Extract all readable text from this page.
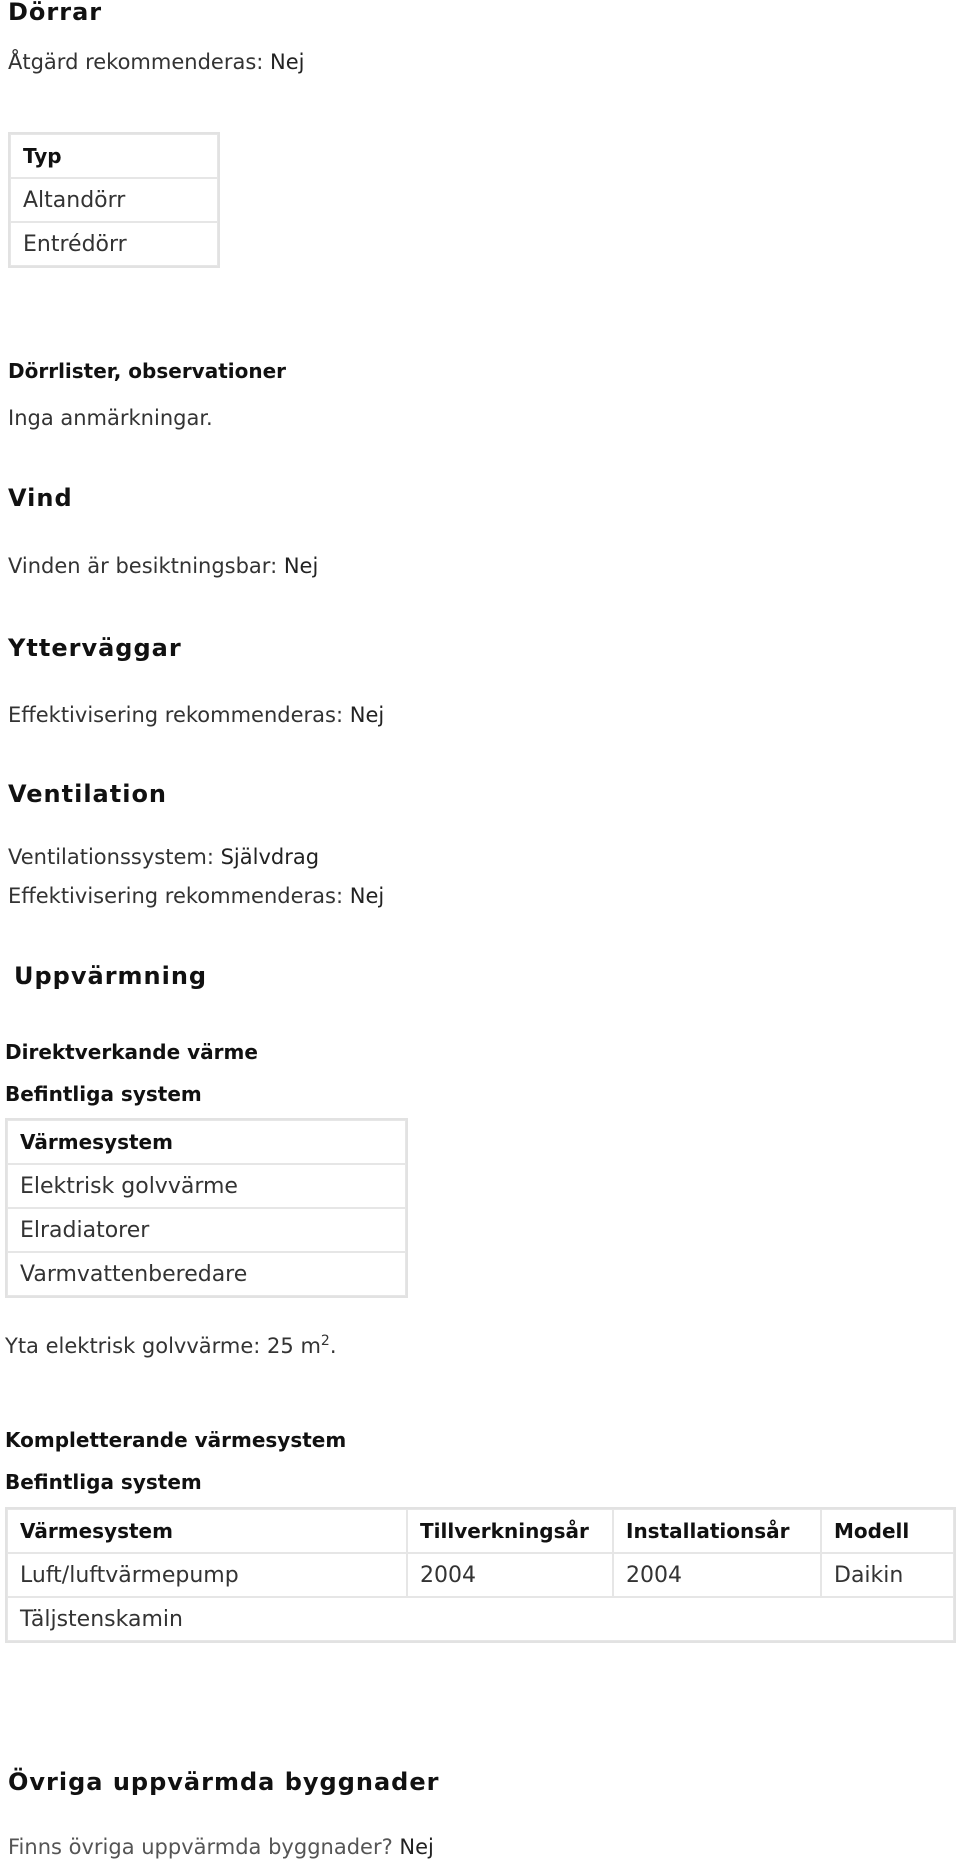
Dörrar
Åtgärd rekommenderas: Nej
Typ
Altandörr
Entrédörr
Dörrlister, observationer
Inga anmärkningar.
Vind
Vinden är besiktningsbar: Nej
Ytterväggar
Effektivisering rekommenderas: Nej
Ventilation
Ventilationssystem: Självdrag
Effektivisering rekommenderas: Nej
Uppvärmning
Direktverkande värme
Befintliga system
Värmesystem
Elektrisk golvvärme
Elradiatorer
Varmvattenberedare
Yta elektrisk golvvärme: 25 $m^2$.
Kompletterande värmesystem
Befintliga system
Värmesystem	Tillverkningsår	Installationsår	Modell
Luft/luftvärmepump	2004	2004	Daikin
Täljstenskamin			
Övriga uppvärmda byggnader
Finns övriga uppvärmda byggnader? Nej
